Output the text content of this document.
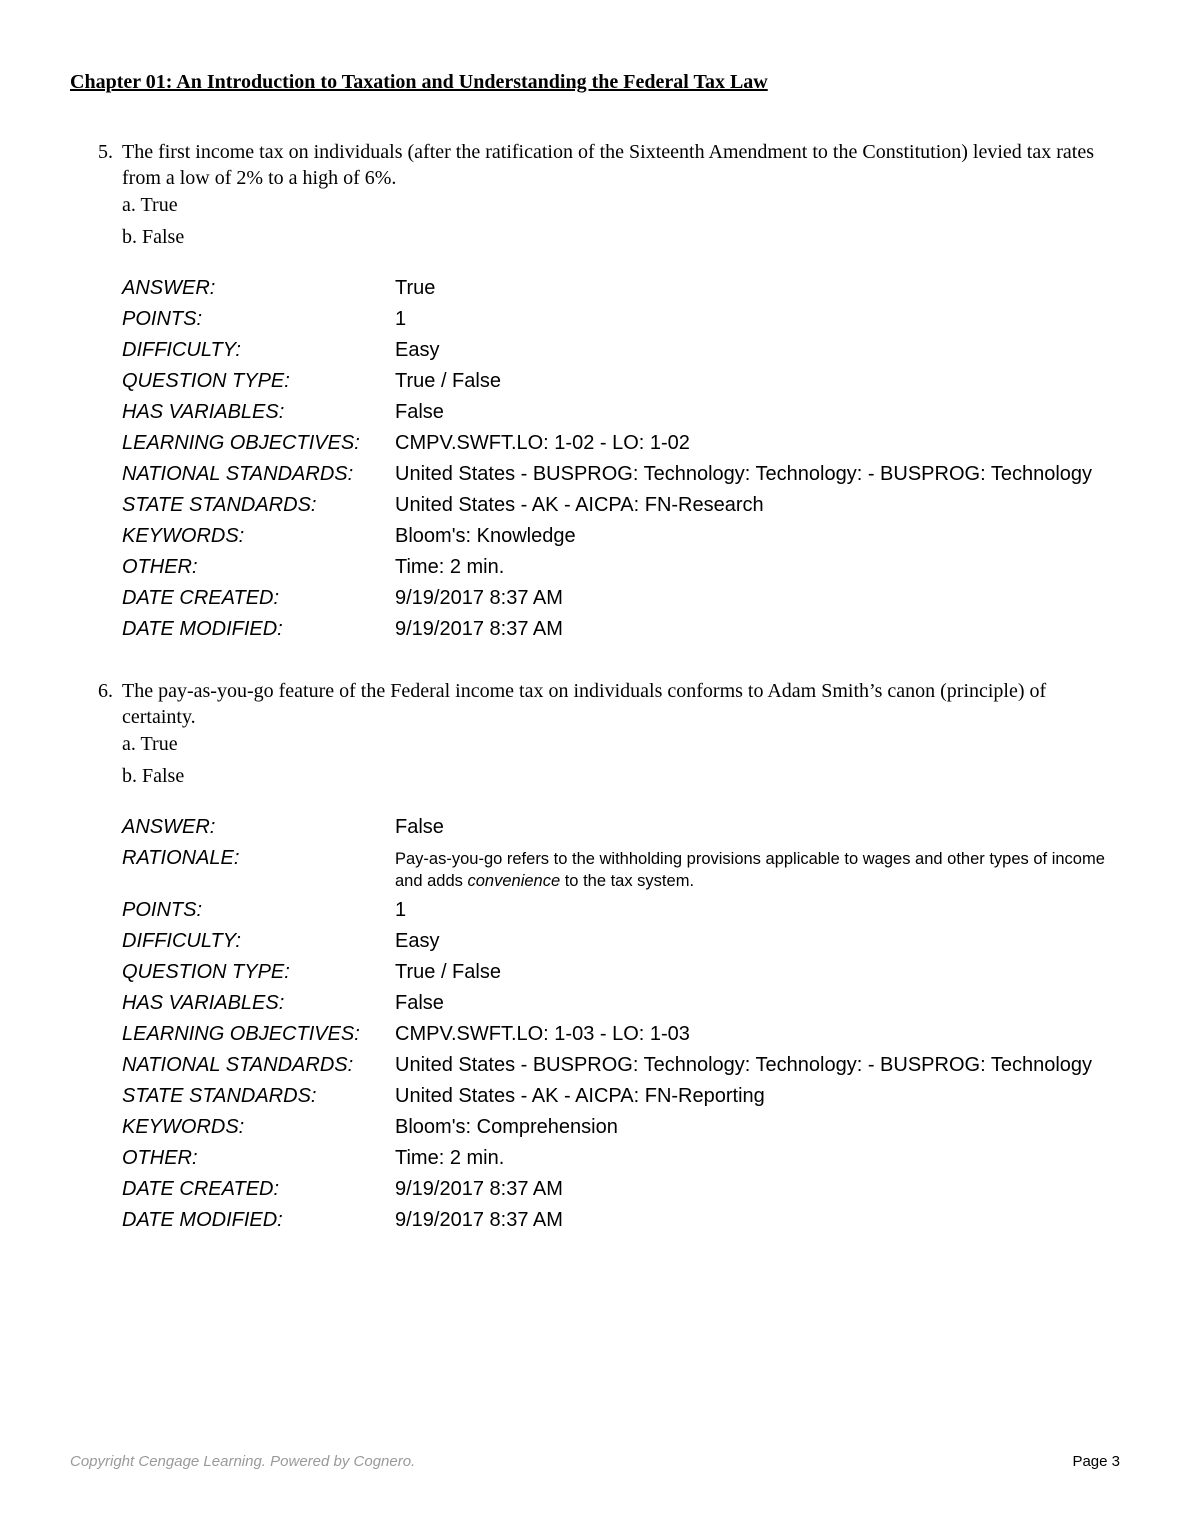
Chapter 01: An Introduction to Taxation and Understanding the Federal Tax Law
5. The first income tax on individuals (after the ratification of the Sixteenth Amendment to the Constitution) levied tax rates from a low of 2% to a high of 6%.
a. True
b. False
ANSWER:	True
POINTS:	1
DIFFICULTY:	Easy
QUESTION TYPE:	True / False
HAS VARIABLES:	False
LEARNING OBJECTIVES:	CMPV.SWFT.LO: 1-02 - LO: 1-02
NATIONAL STANDARDS:	United States - BUSPROG: Technology: Technology: - BUSPROG: Technology
STATE STANDARDS:	United States - AK - AICPA: FN-Research
KEYWORDS:	Bloom's: Knowledge
OTHER:	Time: 2 min.
DATE CREATED:	9/19/2017 8:37 AM
DATE MODIFIED:	9/19/2017 8:37 AM
6. The pay-as-you-go feature of the Federal income tax on individuals conforms to Adam Smith’s canon (principle) of certainty.
a. True
b. False
ANSWER:	False
RATIONALE:	Pay-as-you-go refers to the withholding provisions applicable to wages and other types of income and adds convenience to the tax system.
POINTS:	1
DIFFICULTY:	Easy
QUESTION TYPE:	True / False
HAS VARIABLES:	False
LEARNING OBJECTIVES:	CMPV.SWFT.LO: 1-03 - LO: 1-03
NATIONAL STANDARDS:	United States - BUSPROG: Technology: Technology: - BUSPROG: Technology
STATE STANDARDS:	United States - AK - AICPA: FN-Reporting
KEYWORDS:	Bloom's: Comprehension
OTHER:	Time: 2 min.
DATE CREATED:	9/19/2017 8:37 AM
DATE MODIFIED:	9/19/2017 8:37 AM
Copyright Cengage Learning. Powered by Cognero.	Page 3
